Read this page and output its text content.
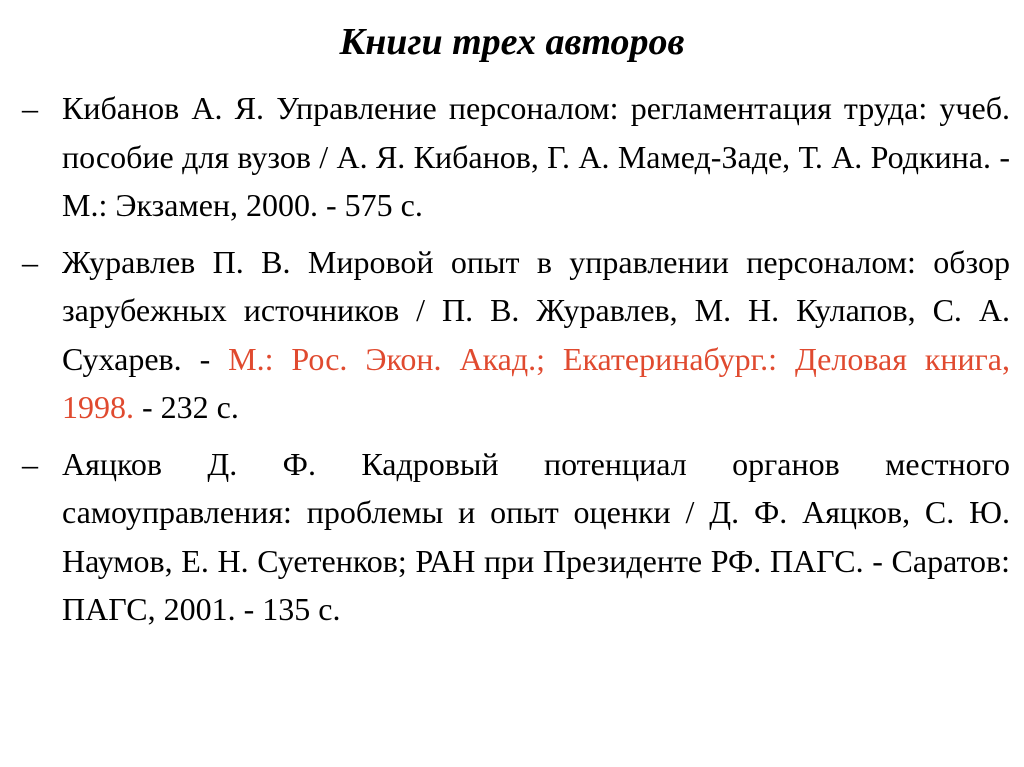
Книги трех авторов
– Кибанов А. Я. Управление персоналом: регламентация труда: учеб. пособие для вузов / А. Я. Кибанов, Г. А. Мамед-Заде, Т. А. Родкина. - М.: Экзамен, 2000. - 575 с.
– Журавлев П. В. Мировой опыт в управлении персоналом: обзор зарубежных источников / П. В. Журавлев, М. Н. Кулапов, С. А. Сухарев. - М.: Рос. Экон. Акад.; Екатеринабург.: Деловая книга, 1998. - 232 с.
– Аяцков Д. Ф. Кадровый потенциал органов местного самоуправления: проблемы и опыт оценки / Д. Ф. Аяцков, С. Ю. Наумов, Е. Н. Суетенков; РАН при Президенте РФ. ПАГС. - Саратов: ПАГС, 2001. - 135 с.
